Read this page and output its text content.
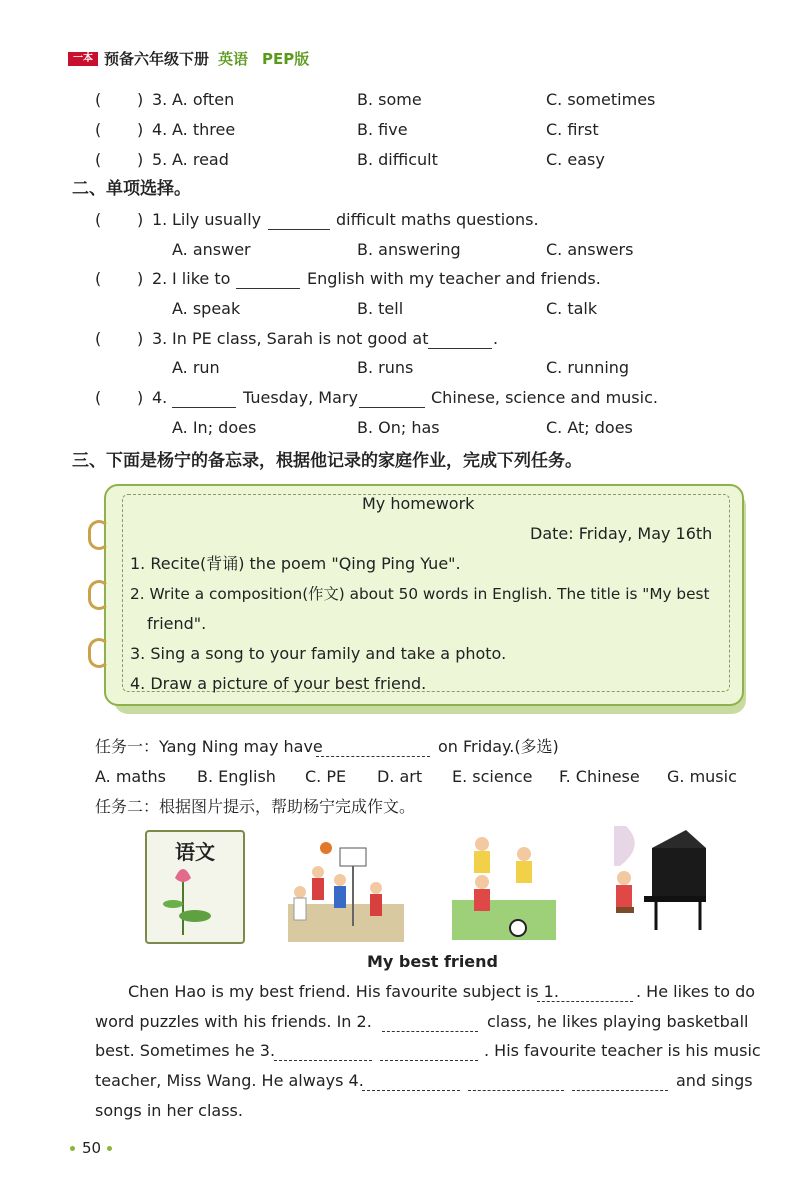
一本 预备六年级下册 英语 PEP版
( ) 3. A. often	B. some	C. sometimes
( ) 4. A. three	B. five	C. first
( ) 5. A. read	B. difficult	C. easy
二、单项选择。
( ) 1. Lily usually	difficult maths questions.
A. answer	B. answering	C. answers
( ) 2. I like to	English with my teacher and friends.
A. speak	B. tell	C. talk
( ) 3. In PE class, Sarah is not good at	.
A. run	B. runs	C. running
( ) 4.	Tuesday, Mary	Chinese, science and music.
A. In; does	B. On; has	C. At; does
三、下面是杨宁的备忘录，根据他记录的家庭作业，完成下列任务。
My homework
Date: Friday, May 16th
1. Recite(背诵) the poem "Qing Ping Yue".
2. Write a composition(作文) about 50 words in English. The title is "My best
friend".
3. Sing a song to your family and take a photo.
4. Draw a picture of your best friend.
任务一：Yang Ning may have	on Friday.(多选)
A. maths B. English C. PE D. art E. science F. Chinese G. music
任务二：根据图片提示，帮助杨宁完成作文。
语文
My best friend
Chen Hao is my best friend. His favourite subject is 1.	. He likes to do
word puzzles with his friends. In 2.	class, he likes playing basketball
best. Sometimes he 3.	. His favourite teacher is his music
teacher, Miss Wang. He always 4.	and sings
songs in her class.
50
